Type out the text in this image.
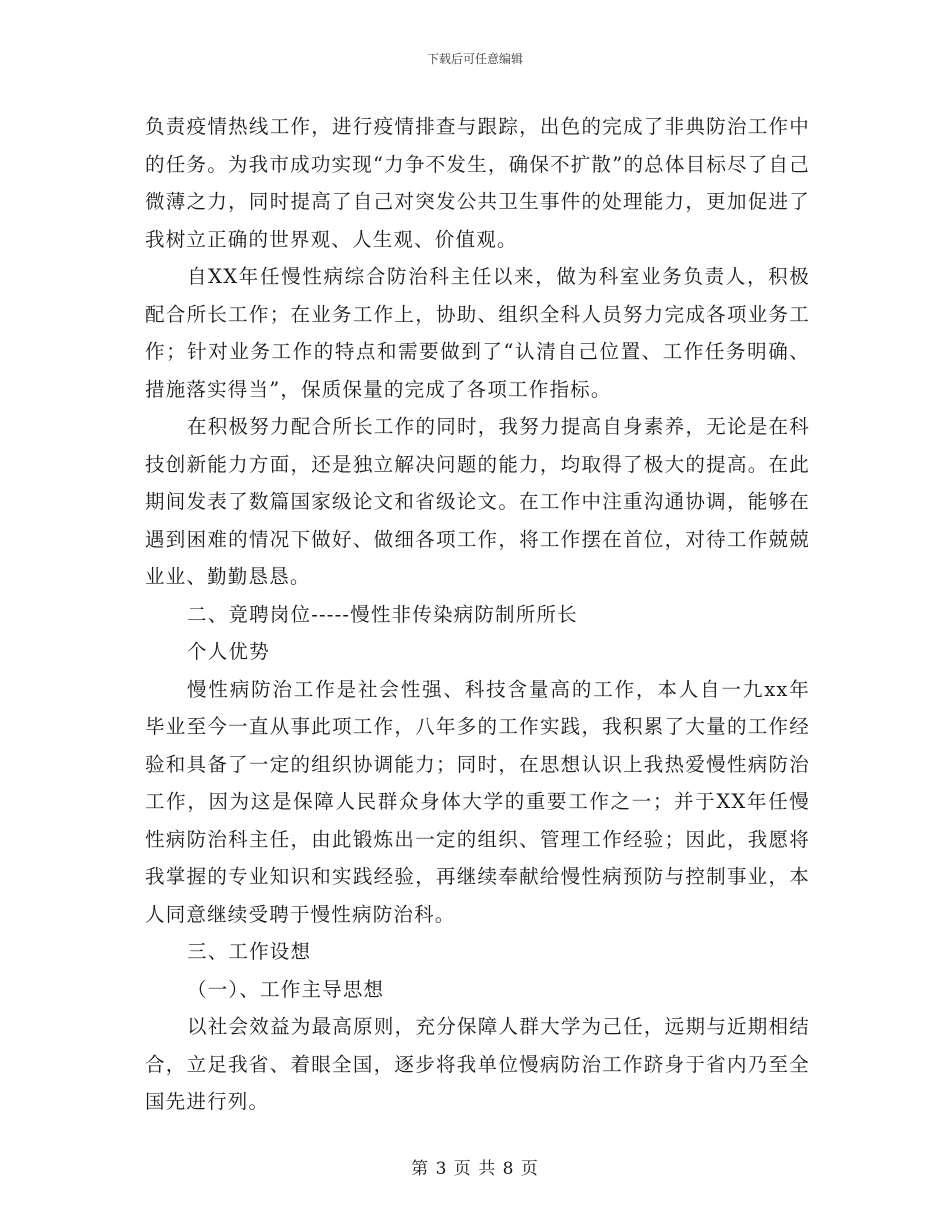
下载后可任意编辑

负责疫情热线工作，进行疫情排查与跟踪，出色的完成了非典防治工作中的任务。为我市成功实现“力争不发生，确保不扩散”的总体目标尽了自己微薄之力，同时提高了自己对突发公共卫生事件的处理能力，更加促进了我树立正确的世界观、人生观、价值观。

自XX年任慢性病综合防治科主任以来，做为科室业务负责人，积极配合所长工作；在业务工作上，协助、组织全科人员努力完成各项业务工作；针对业务工作的特点和需要做到了“认清自己位置、工作任务明确、措施落实得当”，保质保量的完成了各项工作指标。

在积极努力配合所长工作的同时，我努力提高自身素养，无论是在科技创新能力方面，还是独立解决问题的能力，均取得了极大的提高。在此期间发表了数篇国家级论文和省级论文。在工作中注重沟通协调，能够在遇到困难的情况下做好、做细各项工作，将工作摆在首位，对待工作兢兢业业、勤勤恳恳。

二、竟聘岗位-----慢性非传染病防制所所长

个人优势

慢性病防治工作是社会性强、科技含量高的工作，本人自一九xx年毕业至今一直从事此项工作，八年多的工作实践，我积累了大量的工作经验和具备了一定的组织协调能力；同时，在思想认识上我热爱慢性病防治工作，因为这是保障人民群众身体大学的重要工作之一；并于XX年任慢性病防治科主任，由此锻炼出一定的组织、管理工作经验；因此，我愿将我掌握的专业知识和实践经验，再继续奉献给慢性病预防与控制事业，本人同意继续受聘于慢性病防治科。

三、工作设想

（一）、工作主导思想

以社会效益为最高原则，充分保障人群大学为己任，远期与近期相结合，立足我省、着眼全国，逐步将我单位慢病防治工作跻身于省内乃至全国先进行列。

第 3 页 共 8 页
